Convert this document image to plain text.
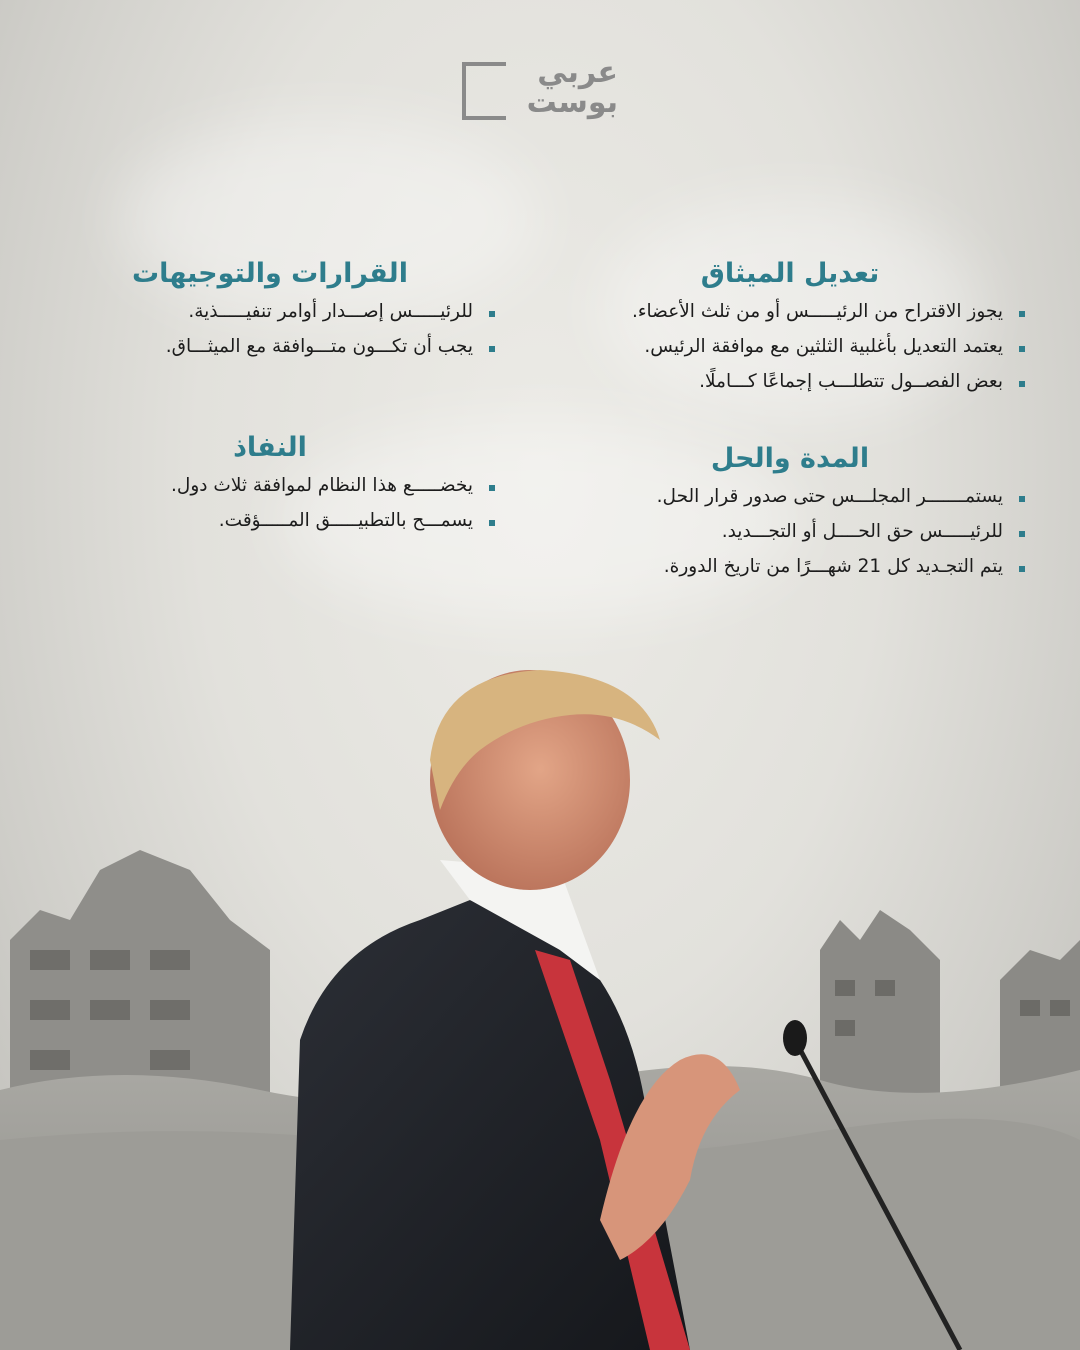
عربي
بوست
تعديل الميثاق
يجوز الاقتراح من الرئيـــــس أو من ثلث الأعضاء.
يعتمد التعديل بأغلبية الثلثين مع موافقة الرئيس.
بعض الفصــول تتطلـــب إجماعًا كـــاملًا.
المدة والحل
يستمـــــــر المجلـــس حتى صدور قرار الحل.
للرئيـــــس حق الحــــل أو التجـــديد.
يتم التجـديد كل 21 شهـــرًا من تاريخ الدورة.
القرارات والتوجيهات
للرئيـــــس إصـــدار أوامر تنفيـــــذية.
يجب أن تكـــون متـــوافقة مع الميثـــاق.
النفاذ
يخضـــــع هذا النظام لموافقة ثلاث دول.
يسمـــح بالتطبيـــــق المـــــؤقت.
